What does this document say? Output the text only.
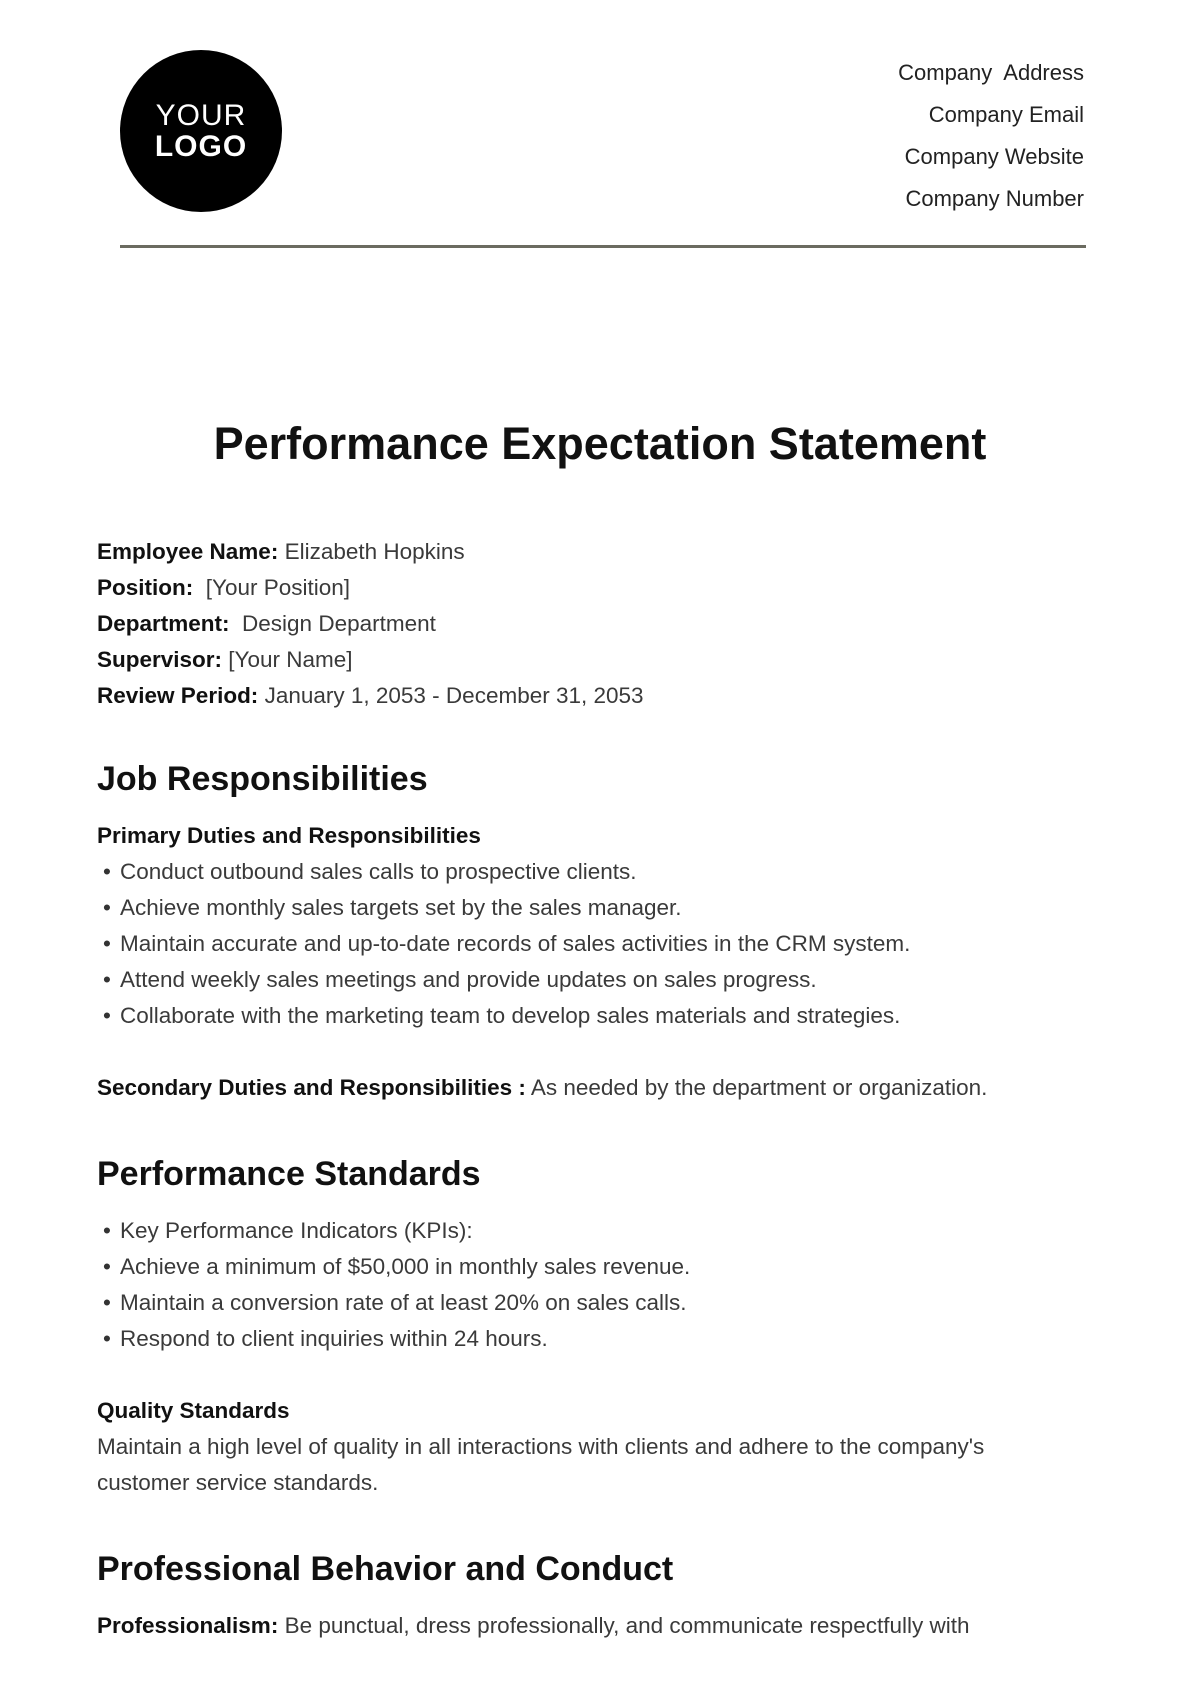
YOUR
LOGO
Company  Address
Company Email
Company Website
Company Number
Performance Expectation Statement
Employee Name: Elizabeth Hopkins
Position:  [Your Position]
Department:  Design Department
Supervisor: [Your Name]
Review Period: January 1, 2053 - December 31, 2053
Job Responsibilities
Primary Duties and Responsibilities
• Conduct outbound sales calls to prospective clients.
• Achieve monthly sales targets set by the sales manager.
• Maintain accurate and up-to-date records of sales activities in the CRM system.
• Attend weekly sales meetings and provide updates on sales progress.
• Collaborate with the marketing team to develop sales materials and strategies.
Secondary Duties and Responsibilities : As needed by the department or organization.
Performance Standards
• Key Performance Indicators (KPIs):
• Achieve a minimum of $50,000 in monthly sales revenue.
• Maintain a conversion rate of at least 20% on sales calls.
• Respond to client inquiries within 24 hours.
Quality Standards
Maintain a high level of quality in all interactions with clients and adhere to the company's customer service standards.
Professional Behavior and Conduct
Professionalism: Be punctual, dress professionally, and communicate respectfully with
